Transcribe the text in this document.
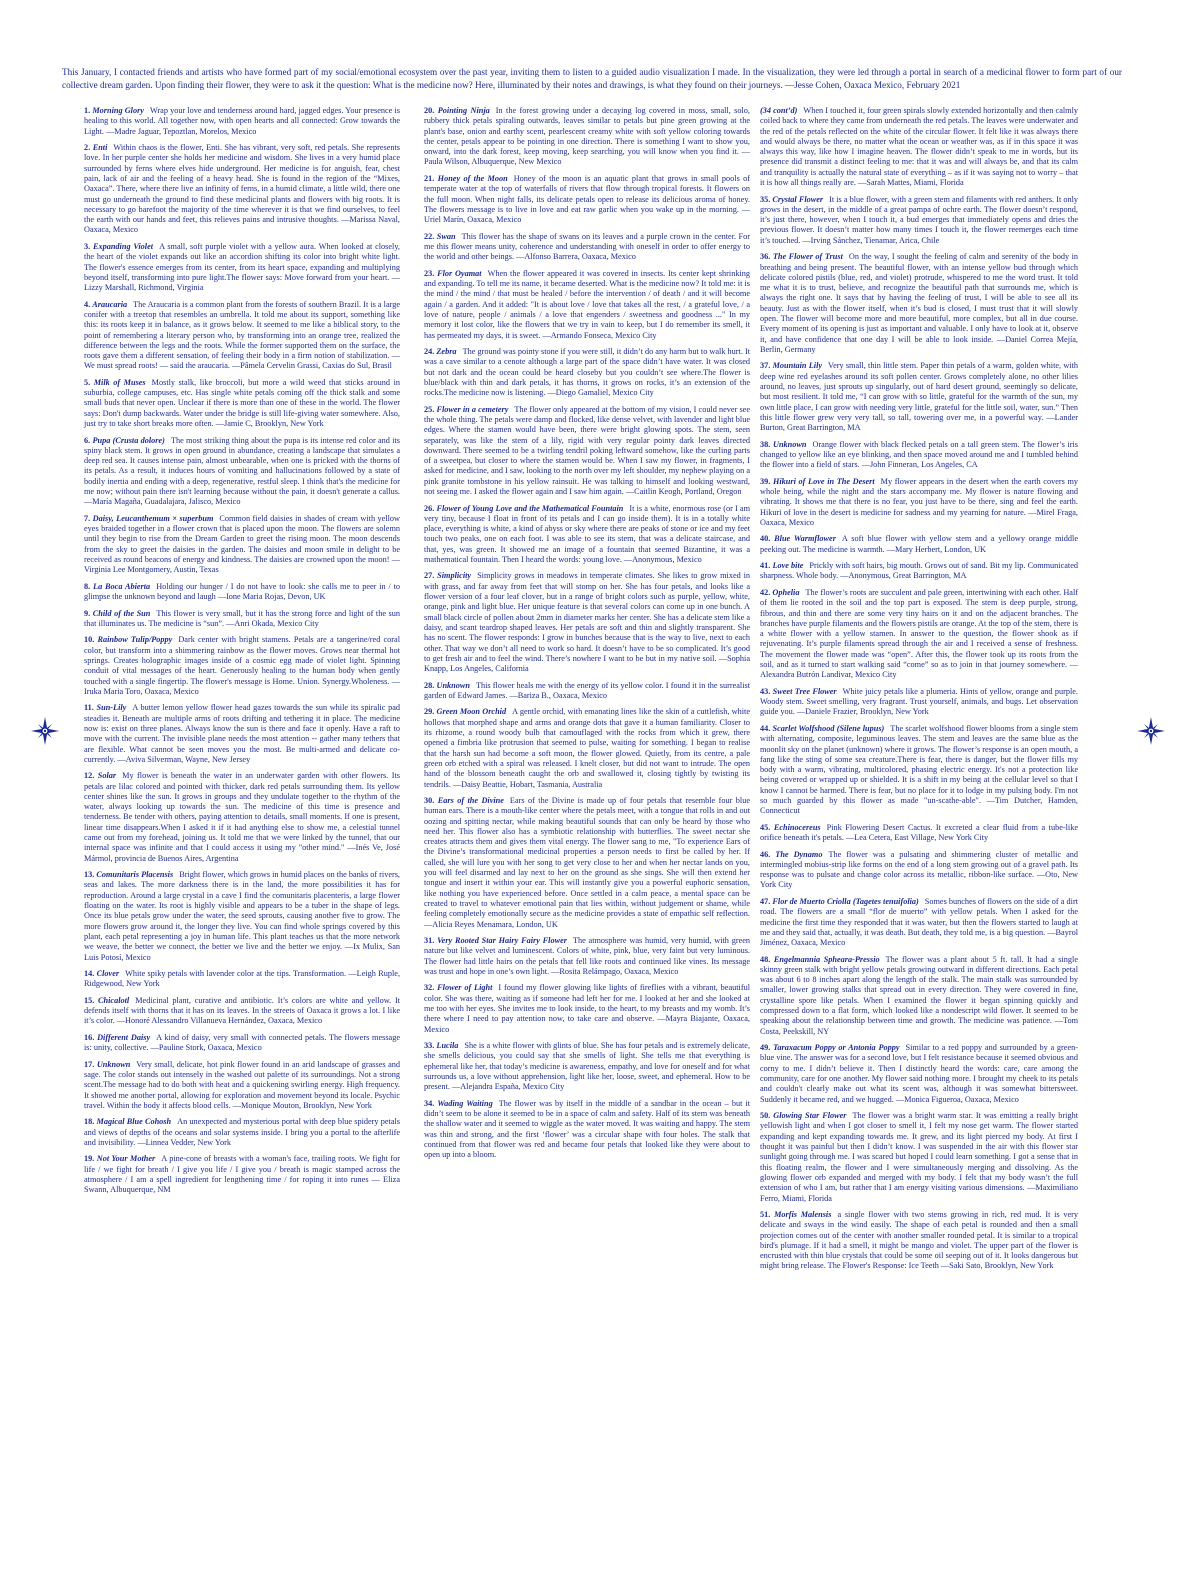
This January, I contacted friends and artists who have formed part of my social/emotional ecosystem over the past year, inviting them to listen to a guided audio visualization I made. In the visualization, they were led through a portal in search of a medicinal flower to form part of our collective dream garden. Upon finding their flower, they were to ask it the question: What is the medicine now? Here, illuminated by their notes and drawings, is what they found on their journeys. —Jesse Cohen, Oaxaca Mexico, February 2021

1. Morning Glory Wrap your love and tenderness around hard, jagged edges. Your presence is healing to this world. All together now, with open hearts and all connected: Grow towards the Light. —Madre Jaguar, Tepoztlan, Morelos, Mexico

2. Enti Within chaos is the flower, Enti. She has vibrant, very soft, red petals. She represents love. In her purple center she holds her medicine and wisdom. She lives in a very humid place surrounded by ferns where elves hide underground. Her medicine is for anguish, fear, chest pain, lack of air and the feeling of a heavy head. She is found in the region of the “Mixes, Oaxaca”. There, where there live an infinity of ferns, in a humid climate, a little wild, there one must go underneath the ground to find these medicinal plants and flowers with big roots. It is necessary to go barefoot the majority of the time wherever it is that we find ourselves, to feel the earth with our hands and feet, this relieves pains and intrusive thoughts. —Marissa Naval, Oaxaca, Mexico

3. Expanding Violet A small, soft purple violet with a yellow aura. When looked at closely, the heart of the violet expands out like an accordion shifting its color into bright white light. The flower's essence emerges from its center, from its heart space, expanding and multiplying beyond itself, transforming into pure light.The flower says: Move forward from your heart. —Lizzy Marshall, Richmond, Virginia

4. Araucaria The Araucaria is a common plant from the forests of southern Brazil. It is a large conifer with a treetop that resembles an umbrella. It told me about its support, something like this: its roots keep it in balance, as it grows below. It seemed to me like a biblical story, to the point of remembering a literary person who, by transforming into an orange tree, realized the difference between the legs and the roots. While the former supported them on the surface, the roots gave them a different sensation, of feeling their body in a firm notion of stabilization. — We must spread roots! — said the araucaria. —Pâmela Cervelin Grassi, Caxias do Sul, Brasil

5. Milk of Muses Mostly stalk, like broccoli, but more a wild weed that sticks around in suburbia, college campuses, etc. Has single white petals coming off the thick stalk and some small buds that never open. Unclear if there is more than one of these in the world. The flower says: Don't dump backwards. Water under the bridge is still life-giving water somewhere. Also, just try to take short breaks more often. —Jamie C, Brooklyn, New York

6. Pupa (Crusta dolore) The most striking thing about the pupa is its intense red color and its spiny black stem. It grows in open ground in abundance, creating a landscape that simulates a deep red sea. It causes intense pain, almost unbearable, when one is pricked with the thorns of its petals. As a result, it induces hours of vomiting and hallucinations followed by a state of bodily inertia and ending with a deep, regenerative, restful sleep. I think that's the medicine for me now; without pain there isn't learning because without the pain, it doesn't generate a callus. —María Magaña, Guadalajara, Jalisco, Mexico

7. Daisy, Leucanthemum × superbum Common field daisies in shades of cream with yellow eyes braided together in a flower crown that is placed upon the moon. The flowers are solemn until they begin to rise from the Dream Garden to greet the rising moon. The moon descends from the sky to greet the daisies in the garden. The daisies and moon smile in delight to be received as round beacons of energy and kindness. The daisies are crowned upon the moon! —Virginia Lee Montgomery, Austin, Texas

8. La Boca Abierta Holding our hunger / I do not have to look: she calls me to peer in / to glimpse the unknown beyond and laugh —Ione Maria Rojas, Devon, UK

9. Child of the Sun This flower is very small, but it has the strong force and light of the sun that illuminates us. The medicine is “sun”. —Anri Okada, Mexico City

10. Rainbow Tulip/Poppy Dark center with bright stamens. Petals are a tangerine/red coral color, but transform into a shimmering rainbow as the flower moves. Grows near thermal hot springs. Creates holographic images inside of a cosmic egg made of violet light. Spinning conduit of vital messages of the heart. Generously healing to the human body when gently touched with a single fingertip. The flower's message is Home. Union. Synergy.Wholeness. —Iruka Maria Toro, Oaxaca, Mexico

11. Sun-Lily A butter lemon yellow flower head gazes towards the sun while its spiralic pad steadies it. Beneath are multiple arms of roots drifting and tethering it in place. The medicine now is: exist on three planes. Always know the sun is there and face it openly. Have a raft to move with the current. The invisible plane needs the most attention -- gather many tethers that are flexible. What cannot be seen moves you the most. Be multi-armed and delicate co-currently. —Aviva Silverman, Wayne, New Jersey

12. Solar My flower is beneath the water in an underwater garden with other flowers. Its petals are lilac colored and pointed with thicker, dark red petals surrounding them. Its yellow center shines like the sun. It grows in groups and they undulate together to the rhythm of the water, always looking up towards the sun. The medicine of this time is presence and tenderness. Be tender with others, paying attention to details, small moments. If one is present, linear time disappears.When I asked it if it had anything else to show me, a celestial tunnel came out from my forehead, joining us. It told me that we were linked by the tunnel, that our internal space was infinite and that I could access it using my "other mind." —Inés Ve, José Mármol, provincia de Buenos Aires, Argentina

13. Comunitaris Placensis Bright flower, which grows in humid places on the banks of rivers, seas and lakes. The more darkness there is in the land, the more possibilities it has for reproduction. Around a large crystal in a cave I find the comunitaris placenteris, a large flower floating on the water. Its root is highly visible and appears to be a tuber in the shape of legs. Once its blue petals grow under the water, the seed sprouts, causing another five to grow. The more flowers grow around it, the longer they live. You can find whole springs covered by this plant, each petal representing a joy in human life. This plant teaches us that the more network we weave, the better we connect, the better we live and the better we enjoy. —Ix Mulix, San Luis Potosí, Mexico

14. Clover White spiky petals with lavender color at the tips. Transformation. —Leigh Ruple, Ridgewood, New York

15. Chicalotl Medicinal plant, curative and antibiotic. It’s colors are white and yellow. It defends itself with thorns that it has on its leaves. In the streets of Oaxaca it grows a lot. I like it’s color. —Honoré Alessandro Villanueva Hernández, Oaxaca, Mexico

16. Different Daisy A kind of daisy, very small with connected petals. The flowers message is: unity, collective. —Pauline Stork, Oaxaca, Mexico

17. Unknown Very small, delicate, hot pink flower found in an arid landscape of grasses and sage. The color stands out intensely in the washed out palette of its surroundings. Not a strong scent.The message had to do both with heat and a quickening swirling energy. High frequency. It showed me another portal, allowing for exploration and movement beyond its locale. Psychic travel. Within the body it affects blood cells. —Monique Mouton, Brooklyn, New York

18. Magical Blue Cohosh An unexpected and mysterious portal with deep blue spidery petals and views of depths of the oceans and solar systems inside. I bring you a portal to the afterlife and invisibility. —Linnea Vedder, New York

19. Not Your Mother A pine-cone of breasts with a woman's face, trailing roots. We fight for life / we fight for breath / I give you life / I give you / breath is magic stamped across the atmosphere / I am a spell ingredient for lengthening time / for roping it into runes — Eliza Swann, Albuquerque, NM

20. Pointing Ninja In the forest growing under a decaying log covered in moss, small, solo, rubbery thick petals spiraling outwards, leaves similar to petals but pine green growing at the plant's base, onion and earthy scent, pearlescent creamy white with soft yellow coloring towards the center, petals appear to be pointing in one direction. There is something I want to show you, onward, into the dark forest, keep moving, keep searching, you will know when you find it. —Paula Wilson, Albuquerque, New Mexico

21. Honey of the Moon Honey of the moon is an aquatic plant that grows in small pools of temperate water at the top of waterfalls of rivers that flow through tropical forests. It flowers on the full moon. When night falls, its delicate petals open to release its delicious aroma of honey. The flowers message is to live in love and eat raw garlic when you wake up in the morning. —Uriel Marín, Oaxaca, Mexico

22. Swan This flower has the shape of swans on its leaves and a purple crown in the center. For me this flower means unity, coherence and understanding with oneself in order to offer energy to the world and other beings. —Alfonso Barrera, Oaxaca, Mexico

23. Flor Oyamat When the flower appeared it was covered in insects. Its center kept shrinking and expanding. To tell me its name, it became deserted. What is the medicine now? It told me: it is the mind / the mind / that must be healed / before the intervention / of death / and it will become again / a garden. And it added: "It is about love / love that takes all the rest, / a grateful love, / a love of nature, people / animals / a love that engenders / sweetness and goodness ..." In my memory it lost color, like the flowers that we try in vain to keep, but I do remember its smell, it has permeated my days, it is sweet. —Armando Fonseca, Mexico City

24. Zebra The ground was pointy stone if you were still, it didn’t do any harm but to walk hurt. It was a cave similar to a cenote although a large part of the space didn’t have water. It was closed but not dark and the ocean could be heard closeby but you couldn’t see where.The flower is blue/black with thin and dark petals, it has thorns, it grows on rocks, it’s an extension of the rocks.The medicine now is listening. —Diego Gamaliel, Mexico City

25. Flower in a cemetery The flower only appeared at the bottom of my vision, I could never see the whole thing. The petals were damp and flocked, like dense velvet, with lavender and light blue edges. Where the stamen would have been, there were bright glowing spots. The stem, seen separately, was like the stem of a lily, rigid with very regular pointy dark leaves directed downward. There seemed to be a twirling tendril poking leftward somehow, like the curling parts of a sweetpea, but closer to where the stamen would be. When I saw my flower, in fragments, I asked for medicine, and I saw, looking to the north over my left shoulder, my nephew playing on a pink granite tombstone in his yellow rainsuit. He was talking to himself and looking westward, not seeing me. I asked the flower again and I saw him again. —Caitlin Keogh, Portland, Oregon

26. Flower of Young Love and the Mathematical Fountain It is a white, enormous rose (or I am very tiny, because I float in front of its petals and I can go inside them). It is in a totally white place, everything is white, a kind of abyss or sky where there are peaks of stone or ice and my feet touch two peaks, one on each foot. I was able to see its stem, that was a delicate staircase, and that, yes, was green. It showed me an image of a fountain that seemed Bizantine, it was a mathematical fountain. Then I heard the words: young love. —Anonymous, Mexico

27. Simplicity Simplicity grows in meadows in temperate climates. She likes to grow mixed in with grass, and far away from feet that will stomp on her. She has four petals, and looks like a flower version of a four leaf clover, but in a range of bright colors such as purple, yellow, white, orange, pink and light blue. Her unique feature is that several colors can come up in one bunch. A small black circle of pollen about 2mm in diameter marks her center. She has a delicate stem like a daisy, and scant teardrop shaped leaves. Her petals are soft and thin and slightly transparent. She has no scent. The flower responds: I grow in bunches because that is the way to live, next to each other. That way we don’t all need to work so hard. It doesn’t have to be so complicated. It’s good to get fresh air and to feel the wind. There’s nowhere I want to be but in my native soil. —Sophia Knapp, Los Angeles, California

28. Unknown This flower heals me with the energy of its yellow color. I found it in the surrealist garden of Edward James. —Bariza B., Oaxaca, Mexico

29. Green Moon Orchid A gentle orchid, with emanating lines like the skin of a cuttlefish, white hollows that morphed shape and arms and orange dots that gave it a human familiarity. Closer to its rhizome, a round woody bulb that camouflaged with the rocks from which it grew, there opened a fimbria like protrusion that seemed to pulse, waiting for something. I began to realise that the harsh sun had become a soft moon, the flower glowed. Quietly, from its centre, a pale green orb etched with a spiral was released. I knelt closer, but did not want to intrude. The open hand of the blossom beneath caught the orb and swallowed it, closing tightly by twisting its tendrils. —Daisy Beattie, Hobart, Tasmania, Australia

30. Ears of the Divine Ears of the Divine is made up of four petals that resemble four blue human ears. There is a mouth-like center where the petals meet, with a tongue that rolls in and out oozing and spitting nectar, while making beautiful sounds that can only be heard by those who need her. This flower also has a symbiotic relationship with butterflies. The sweet nectar she creates attracts them and gives them vital energy. The flower sang to me, "To experience Ears of the Divine’s transformational medicinal properties a person needs to first be called by her. If called, she will lure you with her song to get very close to her and when her nectar lands on you, you will feel disarmed and lay next to her on the ground as she sings. She will then extend her tongue and insert it within your ear. This will instantly give you a powerful euphoric sensation, like nothing you have experienced before. Once settled in a calm peace, a mental space can be created to travel to whatever emotional pain that lies within, without judgement or shame, while feeling completely emotionally secure as the medicine provides a state of empathic self reflection. —Alicia Reyes Menamara, London, UK

31. Very Rooted Star Hairy Fairy Flower The atmosphere was humid, very humid, with green nature but like velvet and luminescent. Colors of white, pink, blue, very faint but very luminous. The flower had little hairs on the petals that fell like roots and continued like vines. Its message was trust and hope in one’s own light. —Rosita Relámpago, Oaxaca, Mexico

32. Flower of Light I found my flower glowing like lights of fireflies with a vibrant, beautiful color. She was there, waiting as if someone had left her for me. I looked at her and she looked at me too with her eyes. She invites me to look inside, to the heart, to my breasts and my womb. It’s there where I need to pay attention now, to take care and observe. —Mayra Biajante, Oaxaca, Mexico

33. Lucila She is a white flower with glints of blue. She has four petals and is extremely delicate, she smells delicious, you could say that she smells of light. She tells me that everything is ephemeral like her, that today’s medicine is awareness, empathy, and love for oneself and for what surrounds us, a love without apprehension, light like her, loose, sweet, and ephemeral. How to be present. —Alejandra España, Mexico City

34. Wading Waiting The flower was by itself in the middle of a sandbar in the ocean – but it didn’t seem to be alone it seemed to be in a space of calm and safety. Half of its stem was beneath the shallow water and it seemed to wiggle as the water moved. It was waiting and happy. The stem was thin and strong, and the first ‘flower’ was a circular shape with four holes. The stalk that continued from that flower was red and became four petals that looked like they were about to open up into a bloom.

(34 cont’d) When I touched it, four green spirals slowly extended horizontally and then calmly coiled back to where they came from underneath the red petals. The leaves were underwater and the red of the petals reflected on the white of the circular flower. It felt like it was always there and would always be there, no matter what the ocean or weather was, as if in this space it was always this way, like how I imagine heaven. The flower didn’t speak to me in words, but its presence did transmit a distinct feeling to me: that it was and will always be, and that its calm and tranquility is actually the natural state of everything – as if it was saying not to worry – that it is how all things really are. —Sarah Mattes, Miami, Florida

35. Crystal Flower It is a blue flower, with a green stem and filaments with red anthers. It only grows in the desert, in the middle of a great pampa of ochre earth. The flower doesn’t respond, it’s just there, however, when I touch it, a bud emerges that immediately opens and dries the previous flower. It doesn’t matter how many times I touch it, the flower reemerges each time it’s touched. —Irving Sánchez, Tienamar, Arica, Chile

36. The Flower of Trust On the way, I sought the feeling of calm and serenity of the body in breathing and being present. The beautiful flower, with an intense yellow bud through which delicate colored pistils (blue, red, and violet) protrude, whispered to me the word trust. It told me what it is to trust, believe, and recognize the beautiful path that surrounds me, which is always the right one. It says that by having the feeling of trust, I will be able to see all its beauty. Just as with the flower itself, when it’s bud is closed, I must trust that it will slowly open. The flower will become more and more beautiful, more complex, but all in due course. Every moment of its opening is just as important and valuable. I only have to look at it, observe it, and have confidence that one day I will be able to look inside. —Daniel Correa Mejía, Berlin, Germany

37. Mountain Lily Very small, thin little stem. Paper thin petals of a warm, golden white, with deep wine red eyelashes around its soft pollen center. Grows completely alone, no other lilies around, no leaves, just sprouts up singularly, out of hard desert ground, seemingly so delicate, but most resilient. It told me, “I can grow with so little, grateful for the warmth of the sun, my own little place, I can grow with needing very little, grateful for the little soil, water, sun.” Then this little flower grew very very tall, so tall, towering over me, in a powerful way. —Lander Burton, Great Barrington, MA

38. Unknown Orange flower with black flecked petals on a tall green stem. The flower’s iris changed to yellow like an eye blinking, and then space moved around me and I tumbled behind the flower into a field of stars. —John Finneran, Los Angeles, CA

39. Hikuri of Love in The Desert My flower appears in the desert when the earth covers my whole being, while the night and the stars accompany me. My flower is nature flowing and vibrating. It shows me that there is no fear, you just have to be there, sing and feel the earth. Hikuri of love in the desert is medicine for sadness and my yearning for nature. —Mirel Fraga, Oaxaca, Mexico

40. Blue Warmflower A soft blue flower with yellow stem and a yellowy orange middle peeking out. The medicine is warmth. —Mary Herbert, London, UK

41. Love bite Prickly with soft hairs, big mouth. Grows out of sand. Bit my lip. Communicated sharpness. Whole body. —Anonymous, Great Barrington, MA

42. Ophelia The flower’s roots are succulent and pale green, intertwining with each other. Half of them lie rooted in the soil and the top part is exposed. The stem is deep purple, strong, fibrous, and thin and there are some very tiny hairs on it and on the adjacent branches. The branches have purple filaments and the flowers pistils are orange. At the top of the stem, there is a white flower with a yellow stamen. In answer to the question, the flower shook as if rejuvenating. It’s purple filaments spread through the air and I received a sense of freshness. The movement the flower made was “open”. After this, the flower took up its roots from the soil, and as it turned to start walking said “come” so as to join in that journey somewhere. —Alexandra Butrón Landivar, Mexico City

43. Sweet Tree Flower White juicy petals like a plumeria. Hints of yellow, orange and purple. Woody stem. Sweet smelling, very fragrant. Trust yourself, animals, and bugs. Let observation guide you. —Daniele Frazier, Brooklyn, New York

44. Scarlet Wolfshood (Silene lupus) The scarlet wolfshood flower blooms from a single stem with alternating, composite, leguminous leaves. The stem and leaves are the same blue as the moonlit sky on the planet (unknown) where it grows. The flower’s response is an open mouth, a fang like the sting of some sea creature.There is fear, there is danger, but the flower fills my body with a warm, vibrating, multicolored, phasing electric energy. It's not a protection like being covered or wrapped up or shielded. It is a shift in my being at the cellular level so that I know I cannot be harmed. There is fear, but no place for it to lodge in my pulsing body. I'm not so much guarded by this flower as made "un-scathe-able". —Tim Dutcher, Hamden, Connecticut

45. Echinocereus Pink Flowering Desert Cactus. It excreted a clear fluid from a tube-like orifice beneath it's petals. —Lea Cetera, East Village, New York City

46. The Dynamo The flower was a pulsating and shimmering cluster of metallic and intermingled mobius-strip like forms on the end of a long stem growing out of a gravel path. Its response was to pulsate and change color across its metallic, ribbon-like surface. —Oto, New York City

47. Flor de Muerto Criolla (Tagetes tenuifolia) Somes bunches of flowers on the side of a dirt road. The flowers are a small “flor de muerto” with yellow petals. When I asked for the medicine the first time they responded that it was water, but then the flowers started to laugh at me and they said that, actually, it was death. But death, they told me, is a big question. —Bayrol Jiménez, Oaxaca, Mexico

48. Engelmannia Spheara-Pressio The flower was a plant about 5 ft. tall. It had a single skinny green stalk with bright yellow petals growing outward in different directions. Each petal was about 6 to 8 inches apart along the length of the stalk. The main stalk was surrounded by smaller, lower growing stalks that spread out in every direction. They were covered in fine, crystalline spore like petals. When I examined the flower it began spinning quickly and compressed down to a flat form, which looked like a nondescript wild flower. It seemed to be speaking about the relationship between time and growth. The medicine was patience. —Tom Costa, Peekskill, NY

49. Taraxacum Poppy or Antonia Poppy Similar to a red poppy and surrounded by a green-blue vine. The answer was for a second love, but I felt resistance because it seemed obvious and corny to me. I didn’t believe it. Then I distinctly heard the words: care, care among the community, care for one another. My flower said nothing more. I brought my cheek to its petals and couldn't clearly make out what its scent was, although it was somewhat bittersweet. Suddenly it became red, and we hugged. —Monica Figueroa, Oaxaca, Mexico

50. Glowing Star Flower The flower was a bright warm star. It was emitting a really bright yellowish light and when I got closer to smell it, I felt my nose get warm. The flower started expanding and kept expanding towards me. It grew, and its light pierced my body. At first I thought it was painful but then I didn’t know. I was suspended in the air with this flower star sunlight going through me. I was scared but hoped I could learn something. I got a sense that in this floating realm, the flower and I were simultaneously merging and dissolving. As the glowing flower orb expanded and merged with my body. I felt that my body wasn’t the full extension of who I am, but rather that I am energy visiting various dimensions. —Maximiliano Ferro, Miami, Florida

51. Morfis Malensis a single flower with two stems growing in rich, red mud. It is very delicate and sways in the wind easily. The shape of each petal is rounded and then a small projection comes out of the center with another smaller rounded petal. It is similar to a tropical bird's plumage. If it had a smell, it might be mango and violet. The upper part of the flower is encrusted with thin blue crystals that could be some oil seeping out of it. It looks dangerous but might bring release. The Flower's Response: Ice Teeth —Saki Sato, Brooklyn, New York
